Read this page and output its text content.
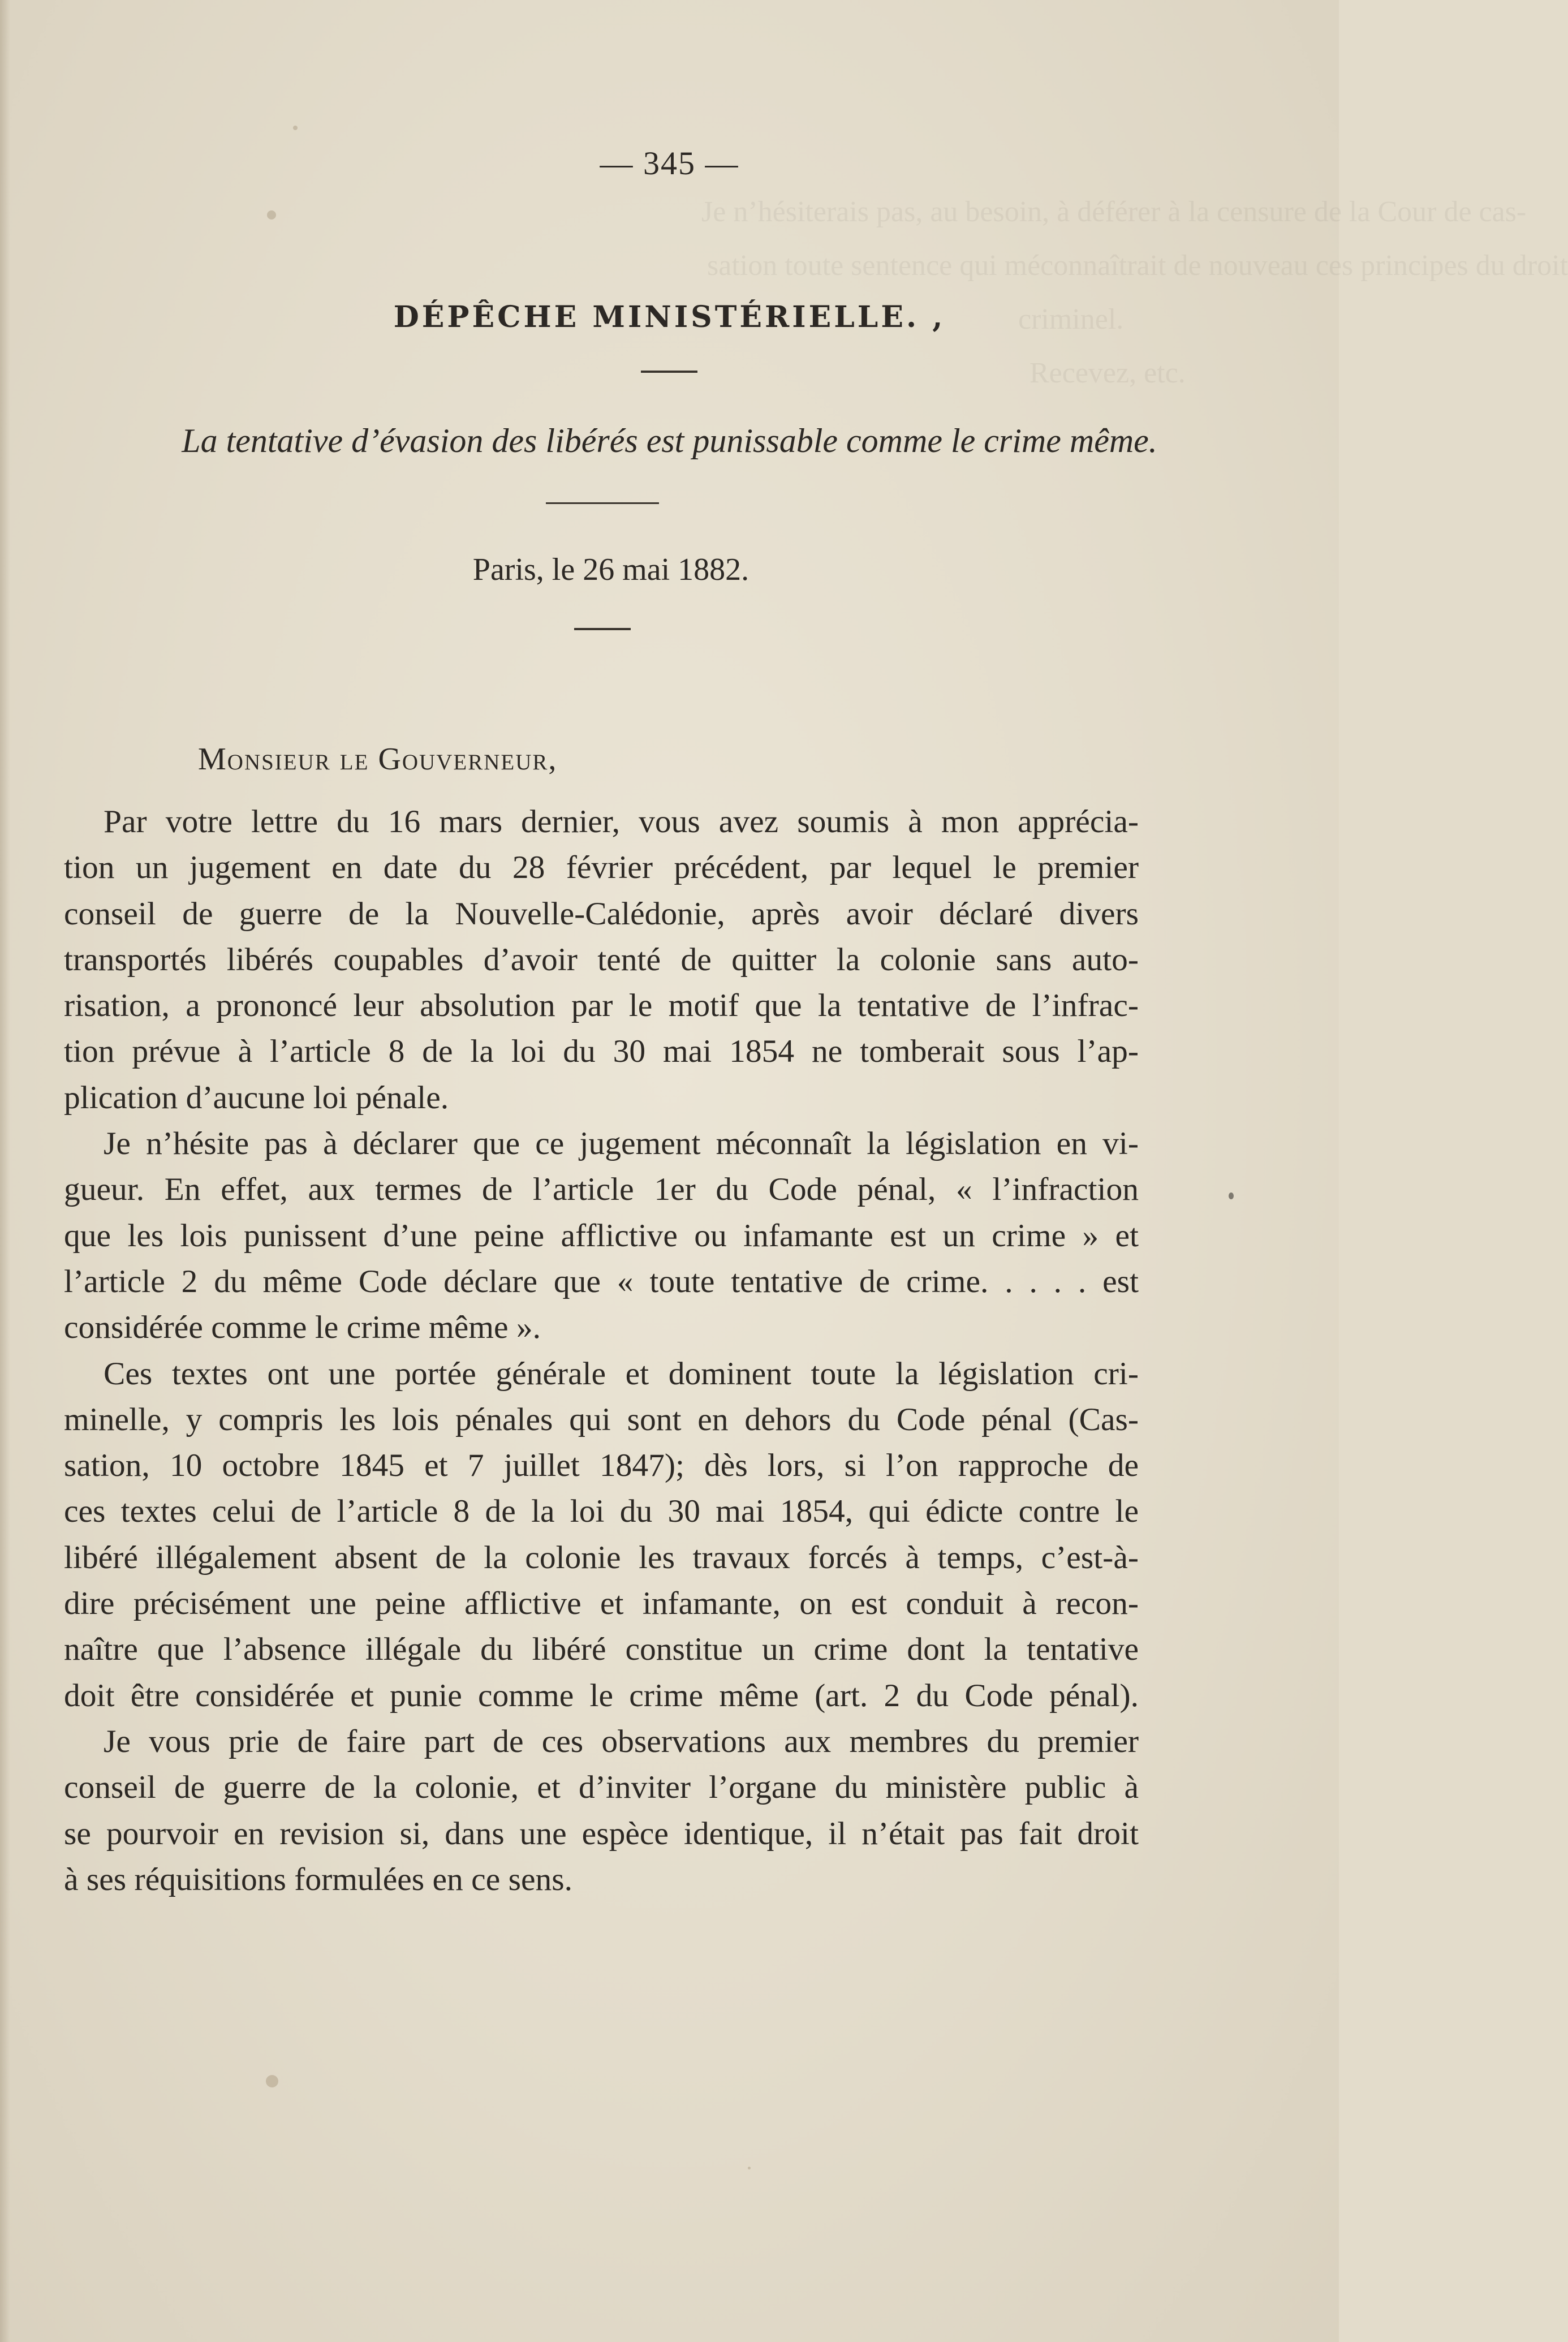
Je n’hésiterais pas, au besoin, à déférer à la censure de la Cour de cas-
sation toute sentence qui méconnaîtrait de nouveau ces principes du droit
criminel.
Recevez, etc.
— 345 —
DÉPÊCHE MINISTÉRIELLE. ,
La tentative d’évasion des libérés est punissable comme le crime même.
Paris, le 26 mai 1882.
Monsieur le Gouverneur,
Par votre lettre du 16 mars dernier, vous avez soumis à mon apprécia-
tion un jugement en date du 28 février précédent, par lequel le premier
conseil de guerre de la Nouvelle-Calédonie, après avoir déclaré divers
transportés libérés coupables d’avoir tenté de quitter la colonie sans auto-
risation, a prononcé leur absolution par le motif que la tentative de l’infrac-
tion prévue à l’article 8 de la loi du 30 mai 1854 ne tomberait sous l’ap-
plication d’aucune loi pénale.
Je n’hésite pas à déclarer que ce jugement méconnaît la législation en vi-
gueur. En effet, aux termes de l’article 1er du Code pénal, « l’infraction
que les lois punissent d’une peine afflictive ou infamante est un crime » et
l’article 2 du même Code déclare que « toute tentative de crime. . . . . est
considérée comme le crime même ».
Ces textes ont une portée générale et dominent toute la législation cri-
minelle, y compris les lois pénales qui sont en dehors du Code pénal (Cas-
sation, 10 octobre 1845 et 7 juillet 1847); dès lors, si l’on rapproche de
ces textes celui de l’article 8 de la loi du 30 mai 1854, qui édicte contre le
libéré illégalement absent de la colonie les travaux forcés à temps, c’est-à-
dire précisément une peine afflictive et infamante, on est conduit à recon-
naître que l’absence illégale du libéré constitue un crime dont la tentative
doit être considérée et punie comme le crime même (art. 2 du Code pénal).
Je vous prie de faire part de ces observations aux membres du premier
conseil de guerre de la colonie, et d’inviter l’organe du ministère public à
se pourvoir en revision si, dans une espèce identique, il n’était pas fait droit
à ses réquisitions formulées en ce sens.
